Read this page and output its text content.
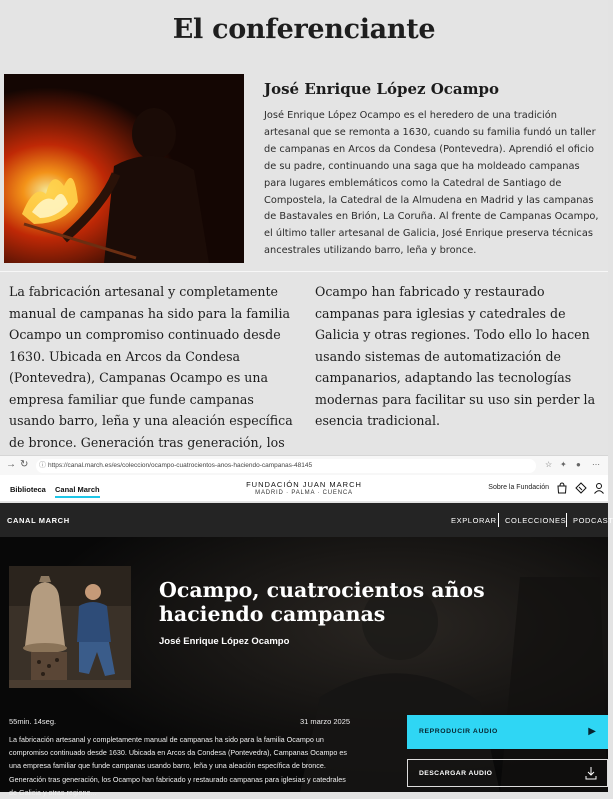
El conferenciante
José Enrique López Ocampo

José Enrique López Ocampo es el heredero de una tradición artesanal que se remonta a 1630, cuando su familia fundó un taller de campanas en Arcos da Condesa (Pontevedra). Aprendió el oficio de su padre, continuando una saga que ha moldeado campanas para lugares emblemáticos como la Catedral de Santiago de Compostela, la Catedral de la Almudena en Madrid y las campanas de Bastavales en Brión, La Coruña. Al frente de Campanas Ocampo, el último taller artesanal de Galicia, José Enrique preserva técnicas ancestrales utilizando barro, leña y bronce.

La fabricación artesanal y completamente manual de campanas ha sido para la familia Ocampo un compromiso continuado desde 1630. Ubicada en Arcos da Condesa (Pontevedra), Campanas Ocampo es una empresa familiar que funde campanas usando barro, leña y una aleación específica de bronce. Generación tras generación, los

Ocampo han fabricado y restaurado campanas para iglesias y catedrales de Galicia y otras regiones. Todo ello lo hacen usando sistemas de automatización de campanarios, adaptando las tecnologías modernas para facilitar su uso sin perder la esencia tradicional.

→ ↻ ⓘ https://canal.march.es/es/coleccion/ocampo-cuatrocientos-anos-haciendo-campanas-48145	☆ ✦ ● ⋯
Biblioteca Canal March
FUNDACIÓN JUAN MARCH
MADRID · PALMA · CUENCA
Sobre la Fundación
CANAL MARCH	EXPLORAR COLECCIONES PODCAST
Ocampo, cuatrocientos años haciendo campanas
José Enrique López Ocampo
55min. 14seg.	31 marzo 2025

La fabricación artesanal y completamente manual de campanas ha sido para la familia Ocampo un compromiso continuado desde 1630. Ubicada en Arcos da Condesa (Pontevedra), Campanas Ocampo es una empresa familiar que funde campanas usando barro, leña y una aleación específica de bronce. Generación tras generación, los Ocampo han fabricado y restaurado campanas para iglesias y catedrales de Galicia y otras regione...

REPRODUCIR AUDIO	▶
DESCARGAR AUDIO
